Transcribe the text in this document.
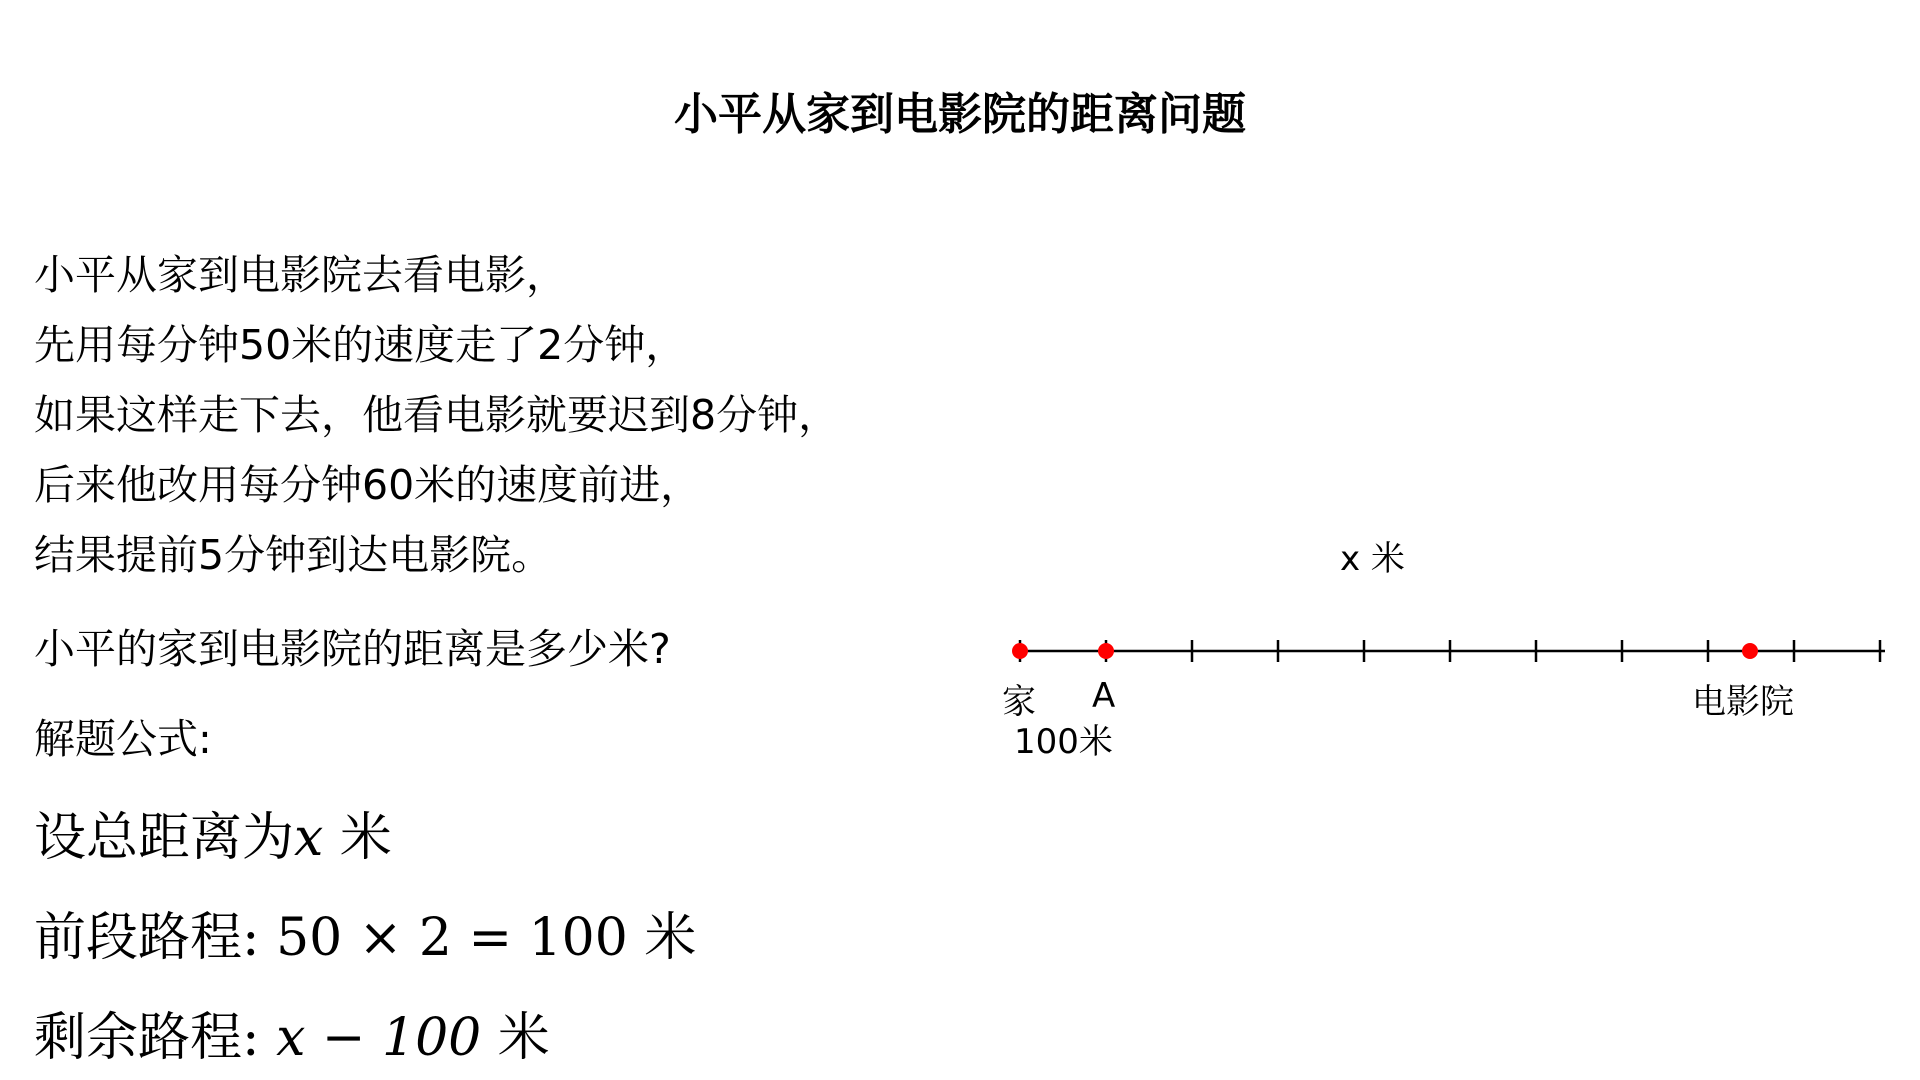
小平从家到电影院的距离问题
小平从家到电影院去看电影，
先用每分钟50米的速度走了2分钟，
如果这样走下去，他看电影就要迟到8分钟，
后来他改用每分钟60米的速度前进，
结果提前5分钟到达电影院。
小平的家到电影院的距离是多少米?
解题公式:
设总距离为x 米
前段路程: 50 × 2 = 100 米
剩余路程: x − 100 米
x 米
家 A	电影院
100米
